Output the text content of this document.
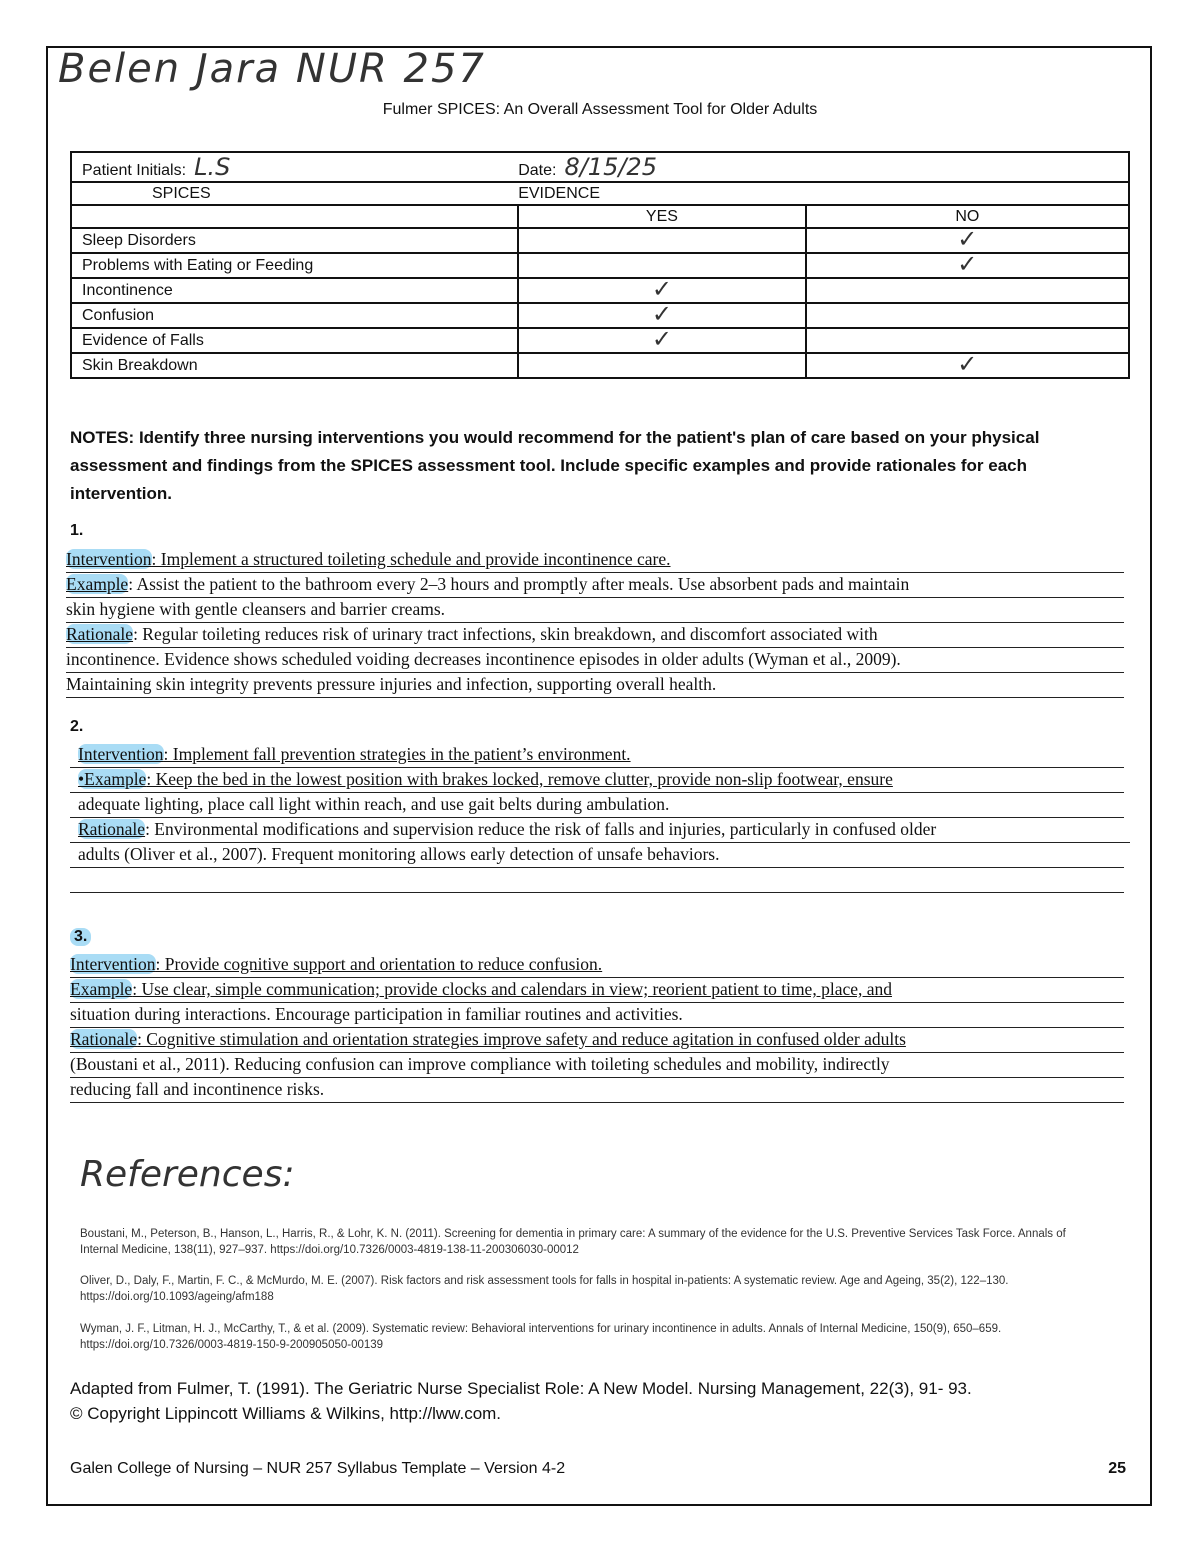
Belen Jara NUR 257
Fulmer SPICES: An Overall Assessment Tool for Older Adults
Patient Initials: L.S	Date: 8/15/25	
SPICES	EVIDENCE	
	YES	NO
Sleep Disorders		✓
Problems with Eating or Feeding		✓
Incontinence	✓	
Confusion	✓	
Evidence of Falls	✓	
Skin Breakdown		✓
NOTES: Identify three nursing interventions you would recommend for the patient's plan of care based on your physical assessment and findings from the SPICES assessment tool. Include specific examples and provide rationales for each intervention.
1.
Intervention: Implement a structured toileting schedule and provide incontinence care.
Example: Assist the patient to the bathroom every 2–3 hours and promptly after meals. Use absorbent pads and maintain
skin hygiene with gentle cleansers and barrier creams.
Rationale: Regular toileting reduces risk of urinary tract infections, skin breakdown, and discomfort associated with
incontinence. Evidence shows scheduled voiding decreases incontinence episodes in older adults (Wyman et al., 2009).
Maintaining skin integrity prevents pressure injuries and infection, supporting overall health.
2.
Intervention: Implement fall prevention strategies in the patient’s environment.
•Example: Keep the bed in the lowest position with brakes locked, remove clutter, provide non-slip footwear, ensure
adequate lighting, place call light within reach, and use gait belts during ambulation.
Rationale: Environmental modifications and supervision reduce the risk of falls and injuries, particularly in confused older
adults (Oliver et al., 2007). Frequent monitoring allows early detection of unsafe behaviors.
3.
Intervention: Provide cognitive support and orientation to reduce confusion.
Example: Use clear, simple communication; provide clocks and calendars in view; reorient patient to time, place, and
situation during interactions. Encourage participation in familiar routines and activities.
Rationale: Cognitive stimulation and orientation strategies improve safety and reduce agitation in confused older adults
(Boustani et al., 2011). Reducing confusion can improve compliance with toileting schedules and mobility, indirectly
reducing fall and incontinence risks.
References:
Boustani, M., Peterson, B., Hanson, L., Harris, R., & Lohr, K. N. (2011). Screening for dementia in primary care: A summary of the evidence for the U.S. Preventive Services Task Force. Annals of Internal Medicine, 138(11), 927–937. https://doi.org/10.7326/0003-4819-138-11-200306030-00012
Oliver, D., Daly, F., Martin, F. C., & McMurdo, M. E. (2007). Risk factors and risk assessment tools for falls in hospital in-patients: A systematic review. Age and Ageing, 35(2), 122–130. https://doi.org/10.1093/ageing/afm188
Wyman, J. F., Litman, H. J., McCarthy, T., & et al. (2009). Systematic review: Behavioral interventions for urinary incontinence in adults. Annals of Internal Medicine, 150(9), 650–659. https://doi.org/10.7326/0003-4819-150-9-200905050-00139
Adapted from Fulmer, T. (1991). The Geriatric Nurse Specialist Role: A New Model. Nursing Management, 22(3), 91- 93.
© Copyright Lippincott Williams & Wilkins, http://lww.com.
Galen College of Nursing – NUR 257 Syllabus Template – Version 4-2	25
